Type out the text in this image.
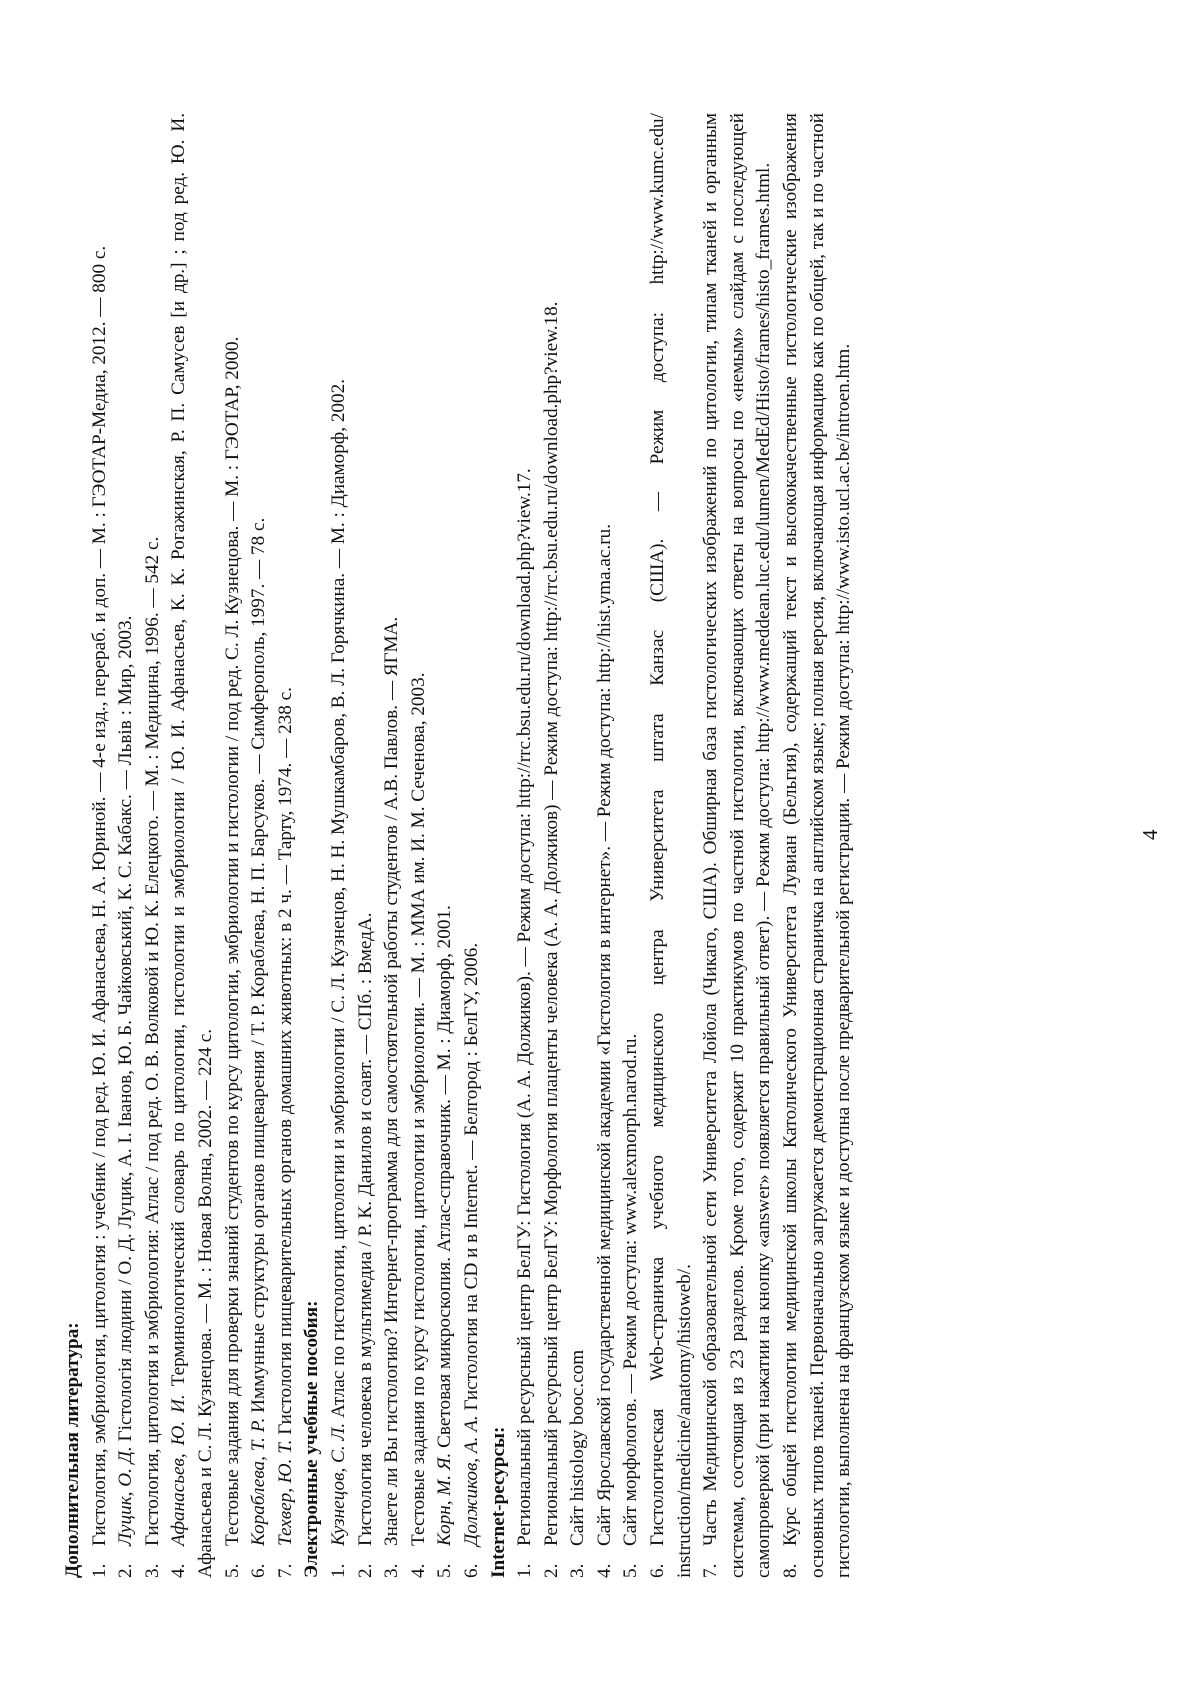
Дополнительная литература: 1.Гистология, эмбриология, цитология : учебник / под ред. Ю. И. Афанасьева, Н. А. Юриной. — 4-е изд., перераб. и доп. — М. : ГЭОТАР-Медиа, 2012. — 800 с.
2.Луцик, О. Д. Гістологія людини / О. Д. Луцик, А. І. Іванов, Ю. Б. Чайковський, К. С. Кабакс. — Львів : Мир, 2003.
3.Гистология, цитология и эмбриология: Атлас / под ред. О. В. Волковой и Ю. К. Елецкого. — М. : Медицина, 1996. — 542 с.
4.Афанасьев, Ю. И. Терминологический словарь по цитологии, гистологии и эмбриологии / Ю. И. Афанасьев, К. К. Рогажинская, Р. П. Самусев [и др.] ; под ред. Ю. И. Афанасьева и С. Л. Кузнецова. — М. : Новая Волна, 2002. — 224 с. 5.Тестовые задания для проверки знаний студентов по курсу цитологии, эмбриологии и гистологии / под ред. С. Л. Кузнецова. — М. : ГЭОТАР, 2000.
6.Кораблева, Т. Р. Иммунные структуры органов пищеварения / Т. Р. Кораблева, Н. П. Барсуков. — Симферополь, 1997. — 78 с.
7.Техвер, Ю. Т. Гистология пищеварительных органов домашних животных: в 2 ч. — Тарту, 1974. — 238 с. Электронные учебные пособия: 1.Кузнецов, С. Л. Атлас по гистологии, цитологии и эмбриологии / С. Л. Кузнецов, Н. Н. Мушкамбаров, В. Л. Горячкина. — М. : Диаморф, 2002.
2.Гистология человека в мультимедиа / Р. К. Данилов и соавт. — СПб. : ВмедА.
3.Знаете ли Вы гистологию? Интернет-программа для самостоятельной работы студентов / А.В. Павлов. — ЯГМА.
4.Тестовые задания по курсу гистологии, цитологии и эмбриологии. — М. : ММА им. И. М. Сеченова, 2003.
5.Корн, М. Я. Световая микроскопия. Атлас-справочник. — М. : Диаморф, 2001.
6.Должиков, А. А. Гистология на CD и в Internet. — Белгород : БелГУ, 2006.
Internet-ресурсы: 1.Региональный ресурсный центр БелГУ: Гистология (А. А. Должиков). — Режим доступа: http://rrc.bsu.edu.ru/download.php?view.17.
2.Региональный ресурсный центр БелГУ: Морфология плаценты человека (А. А. Должиков) — Режим доступа: http://rrc.bsu.edu.ru/download.php?view.18.
3.Сайт histology booc.com
4.Сайт Ярославской государственной медицинской академии «Гистология в интернет». — Режим доступа: http://hist.yma.ac.ru.
5.Сайт морфологов. — Режим доступа: www.alexmorph.narod.ru.
6.Гистологическая Web-страничка учебного медицинского центра Университета штата Канзас (США). — Режим доступа: http://www.kumc.edu/ instruction/medicine/anatomy/histoweb/. 7.Часть Медицинской образовательной сети Университета Лойола (Чикаго, США). Обширная база гистологических изображений по цитологии, типам тканей и органным системам, состоящая из 23 разделов. Кроме того, содержит 10 практикумов по частной гистологии, включающих ответы на вопросы по «немым» слайдам с последующей самопроверкой (при нажатии на кнопку «answer» появляется правильный ответ). — Режим доступа: http://www.meddean.luc.edu/lumen/MedEd/Histo/frames/histo_frames.html. 8.Курс общей гистологии медицинской школы Католического Университета Лувиан (Бельгия), содержащий текст и высококачественные гистологические изображения основных типов тканей. Первоначально загружается демонстрационная страничка на английском языке; полная версия, включающая информацию как по общей, так и по частной гистологии, выполнена на французском языке и доступна после предварительной регистрации. — Режим доступа: http://www.isto.ucl.ac.be/introen.htm.	4
